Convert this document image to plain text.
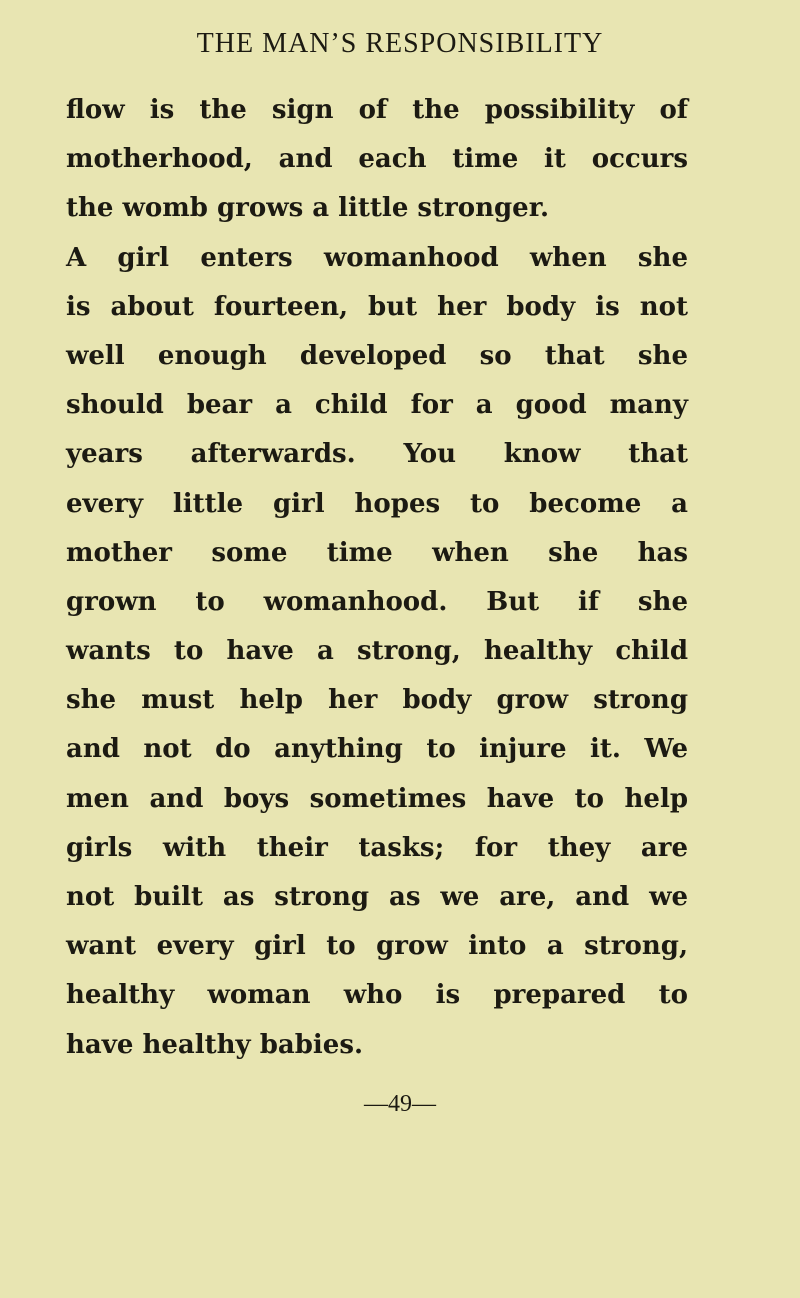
THE MAN’S RESPONSIBILITY
flow is the sign of the possibility of
motherhood, and each time it occurs
the womb grows a little stronger.
A girl enters womanhood when she
is about fourteen, but her body is not
well enough developed so that she
should bear a child for a good many
years afterwards. You know that
every little girl hopes to become a
mother some time when she has
grown to womanhood. But if she
wants to have a strong, healthy child
she must help her body grow strong
and not do anything to injure it. We
men and boys sometimes have to help
girls with their tasks; for they are
not built as strong as we are, and we
want every girl to grow into a strong,
healthy woman who is prepared to
have healthy babies.
—49—
